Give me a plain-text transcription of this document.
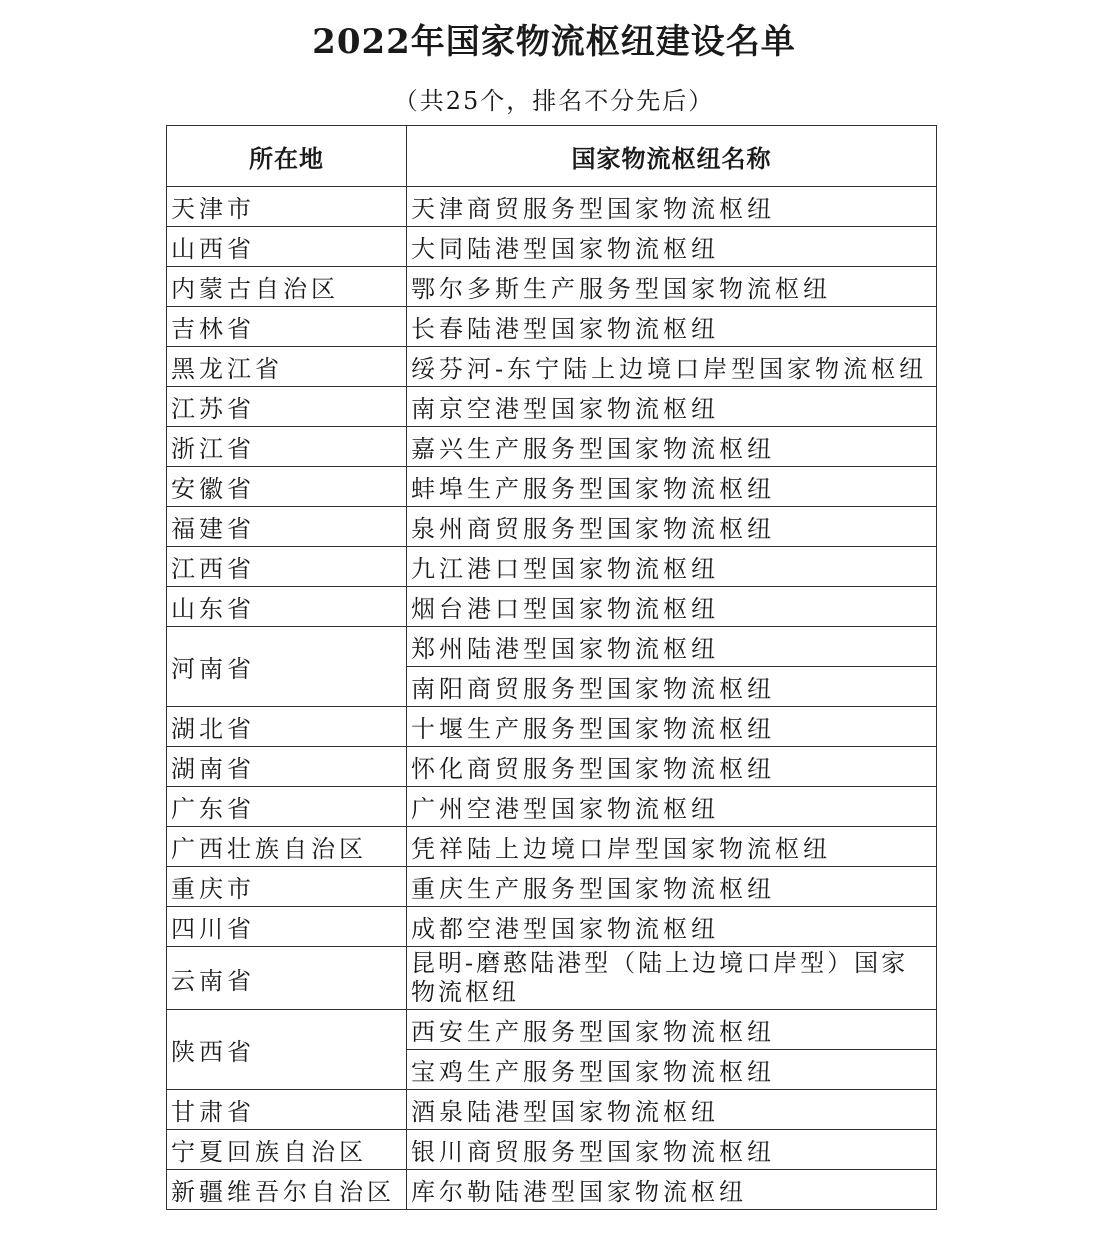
2022年国家物流枢纽建设名单
（共25个，排名不分先后）
所在地	国家物流枢纽名称
天津市	天津商贸服务型国家物流枢纽
山西省	大同陆港型国家物流枢纽
内蒙古自治区	鄂尔多斯生产服务型国家物流枢纽
吉林省	长春陆港型国家物流枢纽
黑龙江省	绥芬河-东宁陆上边境口岸型国家物流枢纽
江苏省	南京空港型国家物流枢纽
浙江省	嘉兴生产服务型国家物流枢纽
安徽省	蚌埠生产服务型国家物流枢纽
福建省	泉州商贸服务型国家物流枢纽
江西省	九江港口型国家物流枢纽
山东省	烟台港口型国家物流枢纽
河南省	郑州陆港型国家物流枢纽
	南阳商贸服务型国家物流枢纽
湖北省	十堰生产服务型国家物流枢纽
湖南省	怀化商贸服务型国家物流枢纽
广东省	广州空港型国家物流枢纽
广西壮族自治区	凭祥陆上边境口岸型国家物流枢纽
重庆市	重庆生产服务型国家物流枢纽
四川省	成都空港型国家物流枢纽
云南省	昆明-磨憨陆港型（陆上边境口岸型）国家物流枢纽
陕西省	西安生产服务型国家物流枢纽
	宝鸡生产服务型国家物流枢纽
甘肃省	酒泉陆港型国家物流枢纽
宁夏回族自治区	银川商贸服务型国家物流枢纽
新疆维吾尔自治区	库尔勒陆港型国家物流枢纽
